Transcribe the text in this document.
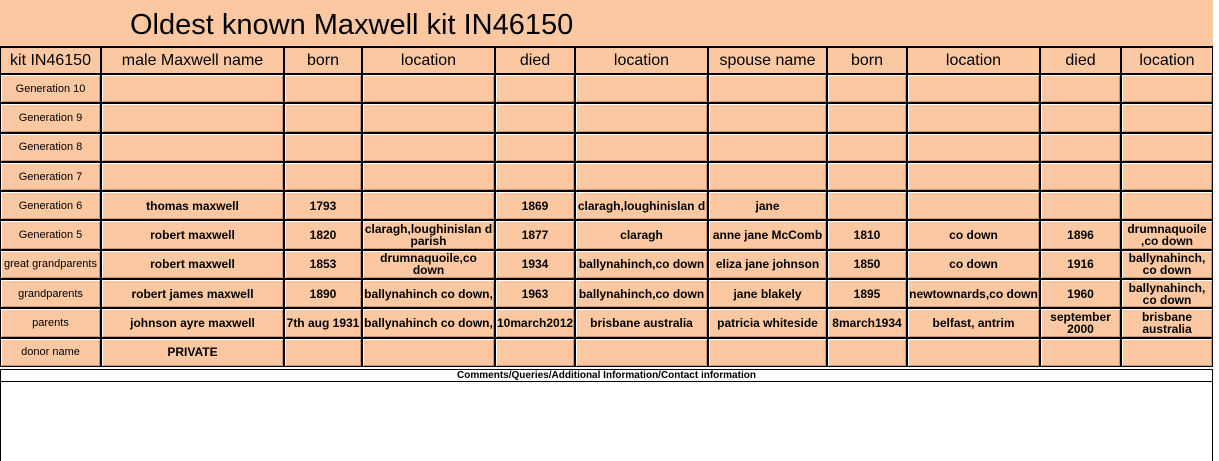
Oldest known Maxwell kit IN46150
kit IN46150	male Maxwell name	born	location	died	location	spouse name	born	location	died	location
Generation 10										
Generation 9										
Generation 8										
Generation 7										
Generation 6	thomas maxwell	1793		1869	claragh,loughinislan d	jane				
Generation 5	robert maxwell	1820	claragh,loughinislan d parish	1877	claragh	anne jane McComb	1810	co down	1896	drumnaquoile ,co down
great grandparents	robert maxwell	1853	drumnaquoile,co down	1934	ballynahinch,co down	eliza jane johnson	1850	co down	1916	ballynahinch, co down
grandparents	robert james maxwell	1890	ballynahinch co down,	1963	ballynahinch,co down	jane blakely	1895	newtownards,co down	1960	ballynahinch, co down
parents	johnson ayre maxwell	7th aug 1931	ballynahinch co down,	10march2012	brisbane australia	patricia whiteside	8march1934	belfast, antrim	september 2000	brisbane australia
donor name	PRIVATE									
Comments/Queries/Additional Information/Contact information
